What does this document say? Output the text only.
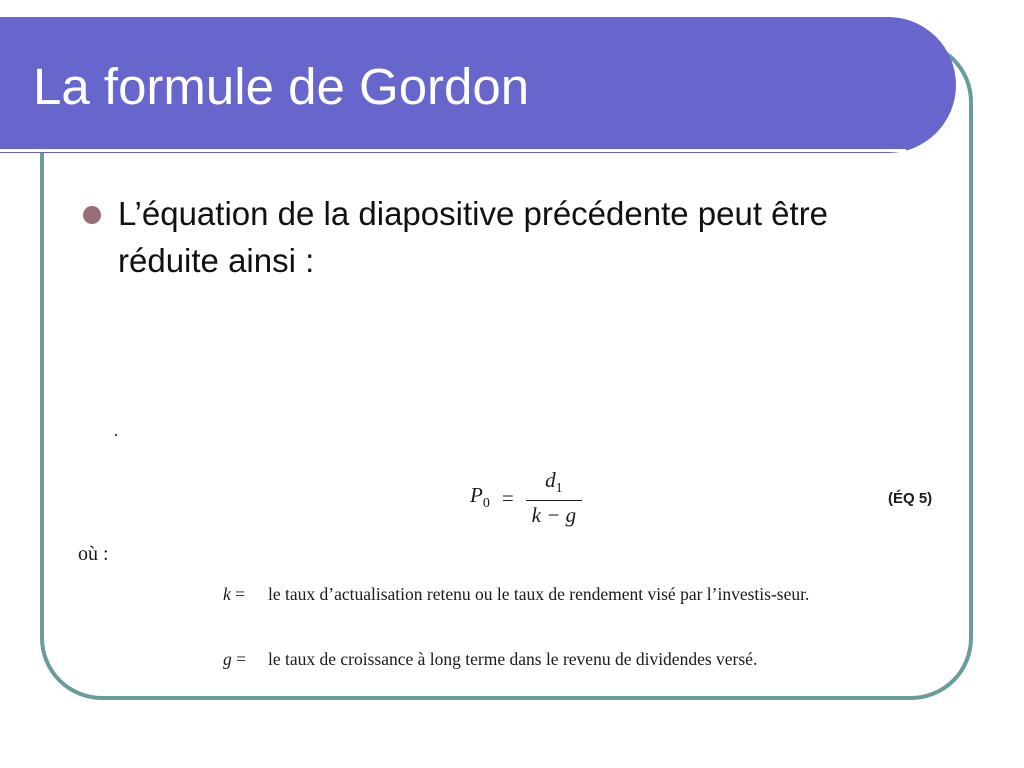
La formule de Gordon

L’équation de la diapositive précédente peut être réduite ainsi :

·
$P_0 = \frac{d_1}{k - g}$	(ÉQ 5)
où :
k = le taux d’actualisation retenu ou le taux de rendement visé par l’investis-seur.
g = le taux de croissance à long terme dans le revenu de dividendes versé.
